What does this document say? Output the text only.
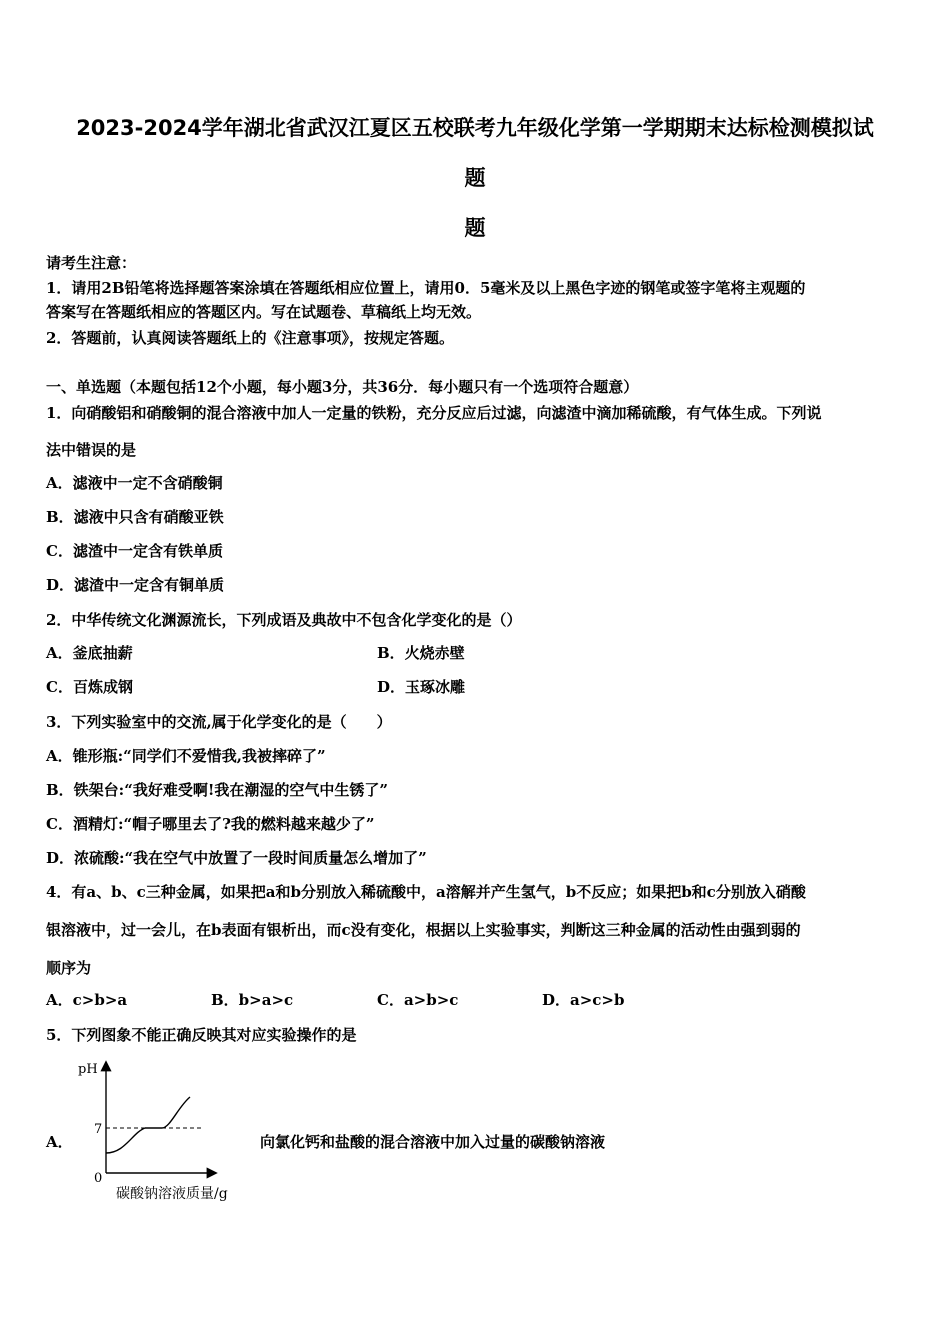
2023-2024学年湖北省武汉江夏区五校联考九年级化学第一学期期末达标检测模拟试
题
题
请考生注意：
1．请用2B铅笔将选择题答案涂填在答题纸相应位置上，请用0．5毫米及以上黑色字迹的钢笔或签字笔将主观题的
答案写在答题纸相应的答题区内。写在试题卷、草稿纸上均无效。
2．答题前，认真阅读答题纸上的《注意事项》，按规定答题。
一、单选题（本题包括12个小题，每小题3分，共36分．每小题只有一个选项符合题意）
1．向硝酸铝和硝酸铜的混合溶液中加人一定量的铁粉，充分反应后过滤，向滤渣中滴加稀硫酸，有气体生成。下列说
法中错误的是
A．滤液中一定不含硝酸铜
B．滤液中只含有硝酸亚铁
C．滤渣中一定含有铁单质
D．滤渣中一定含有铜单质
2．中华传统文化渊源流长，下列成语及典故中不包含化学变化的是（）
A．釜底抽薪	B．火烧赤壁
C．百炼成钢	D．玉琢冰雕
3．下列实验室中的交流,属于化学变化的是（　　）
A．锥形瓶:“同学们不爱惜我,我被摔碎了”
B．铁架台:“我好难受啊!我在潮湿的空气中生锈了”
C．酒精灯:“帽子哪里去了?我的燃料越来越少了”
D．浓硫酸:“我在空气中放置了一段时间质量怎么增加了”
4．有a、b、c三种金属，如果把a和b分别放入稀硫酸中，a溶解并产生氢气，b不反应；如果把b和c分别放入硝酸
银溶液中，过一会儿，在b表面有银析出，而c没有变化，根据以上实验事实，判断这三种金属的活动性由强到弱的
顺序为
A．c>b>a	B．b>a>c	C．a>b>c	D．a>c>b
5．下列图象不能正确反映其对应实验操作的是
A．	向氯化钙和盐酸的混合溶液中加入过量的碳酸钠溶液
pH
7
0
碳酸钠溶液质量/g
